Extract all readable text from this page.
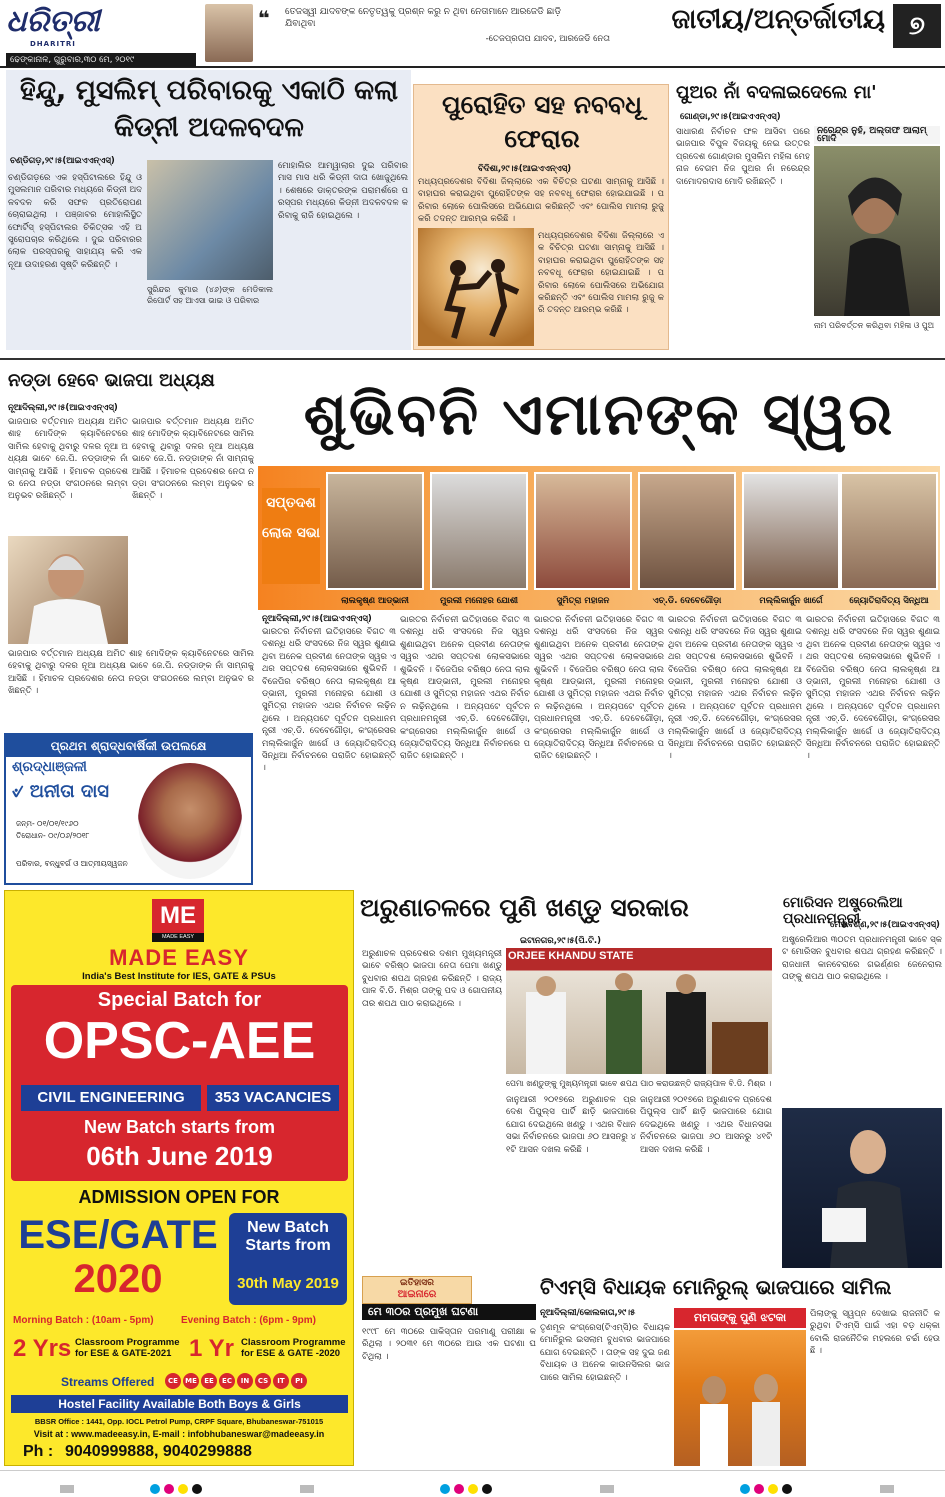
ଧରିତ୍ରୀ
DHARITRI
ଢେଙ୍କାନାଳ, ଗୁରୁବାର,୩୦ ମେ, ୨୦୧୯
❝ ତେଜସ୍ୱୀ ଯାଦବଙ୍କ ନେତୃତ୍ୱକୁ ପ୍ରଶ୍ନ କରୁ ନ ଥିବା ନେତାମାନେ ଆରଜେଡି ଛାଡ଼ି ଯିବାଥିବା
-ତେଜପ୍ରତାପ ଯାଦବ, ଆରଜେଡି ନେତା
ଜାତୀୟ/ଅନ୍ତର୍ଜାତୀୟ ୭
ହିନ୍ଦୁ, ମୁସଲିମ୍ ପରିବାରକୁ ଏକାଠି କଲା କିଡ୍ନୀ ଅଦଳବଦଳ
ଚଣ୍ଡିଗଡ଼,୨୯।୫(ଆଇଏଏନ୍‌ଏସ୍)
ଚଣ୍ଡିଗଡ଼ରେ ଏକ ହସ୍ପିଟାଲରେ ହିନ୍ଦୁ ଓ ମୁସଲମାନ ପରିବାର ମଧ୍ୟରେ କିଡ୍ନୀ ଅଦଳବଦଳ କରି ସଫଳ ପ୍ରତିରୋପଣ ଚୋରାଇଥିଲା । ପଞ୍ଜାବର ମୋହାଲିସ୍ଥିତ ଫୋର୍ଟିସ୍ ହସ୍ପିଟାଲର ଚିକିତ୍ସକ ଏହି ଅସ୍ତ୍ରୋପଚାର କରିଥିଲେ । ଦୁଇ ପରିବାରର ଲୋକ ପରସ୍ପରକୁ ସାହାଯ୍ୟ କରି ଏକ ନୂଆ ଉଦାହରଣ ସୃଷ୍ଟି କରିଛନ୍ତି ।
ସୁରିନ୍ଦର କୁମାର (୪୬)ଙ୍କ ମେଡିକାଲ ରିପୋର୍ଟ ସହ ଆଏସା ଭାଇ ଓ ପରିବାର
ମୋହାଲିର ଆମ୍ୱାଲାର ଦୁଇ ପରିବାର ମାସ ମାସ ଧରି କିଡ୍ନୀ ଦାତା ଖୋଜୁଥିଲେ । ଶେଷରେ ଡାକ୍ତରଙ୍କ ପରାମର୍ଶରେ ପରସ୍ପର ମଧ୍ୟରେ କିଡ୍ନୀ ଅଦଳବଦଳ କରିବାକୁ ରାଜି ହୋଇଥିଲେ ।
ପୁରୋହିତ ସହ ନବବଧୂ ଫେରାର
ବିଦିଶା,୨୯।୫(ଆଇଏଏନ୍‌ଏସ୍)
ମଧ୍ୟପ୍ରଦେଶର ବିଦିଶା ଜିଲ୍ଲାରେ ଏକ ବିଚିତ୍ର ଘଟଣା ସାମ୍ନାକୁ ଆସିଛି । ବାହାଘର କରାଇଥିବା ପୁରୋହିତଙ୍କ ସହ ନବବଧୂ ଫେରାର ହୋଇଯାଇଛି । ପରିବାର ଲୋକେ ପୋଲିସରେ ଅଭିଯୋଗ କରିଛନ୍ତି ଏବଂ ପୋଲିସ ମାମଲା ରୁଜୁ କରି ତଦନ୍ତ ଆରମ୍ଭ କରିଛି ।
ମଧ୍ୟପ୍ରଦେଶର ବିଦିଶା ଜିଲ୍ଲାରେ ଏକ ବିଚିତ୍ର ଘଟଣା ସାମ୍ନାକୁ ଆସିଛି । ବାହାଘର କରାଇଥିବା ପୁରୋହିତଙ୍କ ସହ ନବବଧୂ ଫେରାର ହୋଇଯାଇଛି । ପରିବାର ଲୋକେ ପୋଲିସରେ ଅଭିଯୋଗ କରିଛନ୍ତି ଏବଂ ପୋଲିସ ମାମଲା ରୁଜୁ କରି ତଦନ୍ତ ଆରମ୍ଭ କରିଛି ।
ପୁଅର ନାଁ ବଦଳାଇଦେଲେ ମା'
ଗୋଣ୍ଡା,୨୯।୫(ଆଇଏଏନ୍‌ଏସ୍)
ସାଧାରଣ ନିର୍ବାଚନ ଫଳ ଆସିବା ପରେ ଭାଜପାର ବିପୁଳ ବିଜୟକୁ ନେଇ ଉତ୍ତରପ୍ରଦେଶ ଗୋଣ୍ଡାର ମୁସଲିମ ମହିଳା ମେହନାଜ ବେଗମ ନିଜ ପୁଅର ନାଁ ନରେନ୍ଦ୍ର ଦାମୋଦରଦାସ ମୋଦି ରଖିଛନ୍ତି ।
ନରେନ୍ଦ୍ର ନୁହଁ, ଅଲ୍ତାଫ ଆଲାମ୍ ମୋଦି
ନାମ ପରିବର୍ତ୍ତନ କରିଥିବା ମହିଳା ଓ ପୁଅ
ନଡ୍ଡା ହେବେ ଭାଜପା ଅଧ୍ୟକ୍ଷ
ନୂଆଦିଲ୍ଲୀ,୨୯।୫(ଆଇଏଏନ୍‌ଏସ୍)
ଭାଜପାର ବର୍ତ୍ତମାନ ଅଧ୍ୟକ୍ଷ ଅମିତ ଶାହ ମୋଦିଙ୍କ କ୍ୟାବିନେଟରେ ସାମିଲ ହେବାକୁ ଥିବାରୁ ଦଳର ନୂଆ ଅଧ୍ୟକ୍ଷ ଭାବେ ଜେ.ପି. ନଡ୍ଡାଙ୍କ ନାଁ ସାମ୍ନାକୁ ଆସିଛି । ହିମାଚଳ ପ୍ରଦେଶର ନେତା ନଡ୍ଡା ସଂଗଠନରେ ଲମ୍ବା ଅନୁଭବ ରଖିଛନ୍ତି ।
ଭାଜପାର ବର୍ତ୍ତମାନ ଅଧ୍ୟକ୍ଷ ଅମିତ ଶାହ ମୋଦିଙ୍କ କ୍ୟାବିନେଟରେ ସାମିଲ ହେବାକୁ ଥିବାରୁ ଦଳର ନୂଆ ଅଧ୍ୟକ୍ଷ ଭାବେ ଜେ.ପି. ନଡ୍ଡାଙ୍କ ନାଁ ସାମ୍ନାକୁ ଆସିଛି । ହିମାଚଳ ପ୍ରଦେଶର ନେତା ନଡ୍ଡା ସଂଗଠନରେ ଲମ୍ବା ଅନୁଭବ ରଖିଛନ୍ତି ।
ଭାଜପାର ବର୍ତ୍ତମାନ ଅଧ୍ୟକ୍ଷ ଅମିତ ଶାହ ମୋଦିଙ୍କ କ୍ୟାବିନେଟରେ ସାମିଲ ହେବାକୁ ଥିବାରୁ ଦଳର ନୂଆ ଅଧ୍ୟକ୍ଷ ଭାବେ ଜେ.ପି. ନଡ୍ଡାଙ୍କ ନାଁ ସାମ୍ନାକୁ ଆସିଛି । ହିମାଚଳ ପ୍ରଦେଶର ନେତା ନଡ୍ଡା ସଂଗଠନରେ ଲମ୍ବା ଅନୁଭବ ରଖିଛନ୍ତି ।
ଶୁଭିବନି ଏମାନଙ୍କ ସ୍ୱର
ସପ୍ତଦଶ ଲୋକ ସଭା
ଲାଲକୃଷ୍ଣ ଆଡ୍‌ଭାନୀ	ମୁରଲୀ ମନୋହର ଯୋଶୀ	ସୁମିତ୍ରା ମହାଜନ	ଏଚ୍.ଡି. ଦେବେଗୌଡ଼ା	ମଲ୍ଲିକାର୍ଜୁନ ଖାର୍ଗେ	ଜ୍ୟୋତିରାଦିତ୍ୟ ସିନ୍ଧିଆ
ନୂଆଦିଲ୍ଲୀ,୨୯।୫(ଆଇଏଏନ୍‌ଏସ୍)
ଭାରତର ନିର୍ବାଚନୀ ଇତିହାସରେ ବିଗତ ୩ ଦଶନ୍ଧି ଧରି ସଂସଦରେ ନିଜ ସ୍ୱର ଶୁଣାଇଥିବା ଅନେକ ପ୍ରବୀଣ ନେତାଙ୍କ ସ୍ୱର ଏଥର ସପ୍ତଦଶ ଲୋକସଭାରେ ଶୁଭିବନି । ବିଜେପିର ବରିଷ୍ଠ ନେତା ଲାଲକୃଷ୍ଣ ଆଡ୍‌ଭାନୀ, ମୁରଲୀ ମନୋହର ଯୋଶୀ ଓ ସୁମିତ୍ରା ମହାଜନ ଏଥର ନିର୍ବାଚନ ଲଢ଼ିନଥିଲେ । ଅନ୍ୟପଟେ ପୂର୍ବତନ ପ୍ରଧାନମନ୍ତ୍ରୀ ଏଚ୍.ଡି. ଦେବେଗୌଡ଼ା, କଂଗ୍ରେସର ମଲ୍ଲିକାର୍ଜୁନ ଖାର୍ଗେ ଓ ଜ୍ୟୋତିରାଦିତ୍ୟ ସିନ୍ଧିଆ ନିର୍ବାଚନରେ ପରାଜିତ ହୋଇଛନ୍ତି ।
ଭାରତର ନିର୍ବାଚନୀ ଇତିହାସରେ ବିଗତ ୩ ଦଶନ୍ଧି ଧରି ସଂସଦରେ ନିଜ ସ୍ୱର ଶୁଣାଇଥିବା ଅନେକ ପ୍ରବୀଣ ନେତାଙ୍କ ସ୍ୱର ଏଥର ସପ୍ତଦଶ ଲୋକସଭାରେ ଶୁଭିବନି । ବିଜେପିର ବରିଷ୍ଠ ନେତା ଲାଲକୃଷ୍ଣ ଆଡ୍‌ଭାନୀ, ମୁରଲୀ ମନୋହର ଯୋଶୀ ଓ ସୁମିତ୍ରା ମହାଜନ ଏଥର ନିର୍ବାଚନ ଲଢ଼ିନଥିଲେ । ଅନ୍ୟପଟେ ପୂର୍ବତନ ପ୍ରଧାନମନ୍ତ୍ରୀ ଏଚ୍.ଡି. ଦେବେଗୌଡ଼ା, କଂଗ୍ରେସର ମଲ୍ଲିକାର୍ଜୁନ ଖାର୍ଗେ ଓ ଜ୍ୟୋତିରାଦିତ୍ୟ ସିନ୍ଧିଆ ନିର୍ବାଚନରେ ପରାଜିତ ହୋଇଛନ୍ତି ।
ଭାରତର ନିର୍ବାଚନୀ ଇତିହାସରେ ବିଗତ ୩ ଦଶନ୍ଧି ଧରି ସଂସଦରେ ନିଜ ସ୍ୱର ଶୁଣାଇଥିବା ଅନେକ ପ୍ରବୀଣ ନେତାଙ୍କ ସ୍ୱର ଏଥର ସପ୍ତଦଶ ଲୋକସଭାରେ ଶୁଭିବନି । ବିଜେପିର ବରିଷ୍ଠ ନେତା ଲାଲକୃଷ୍ଣ ଆଡ୍‌ଭାନୀ, ମୁରଲୀ ମନୋହର ଯୋଶୀ ଓ ସୁମିତ୍ରା ମହାଜନ ଏଥର ନିର୍ବାଚନ ଲଢ଼ିନଥିଲେ । ଅନ୍ୟପଟେ ପୂର୍ବତନ ପ୍ରଧାନମନ୍ତ୍ରୀ ଏଚ୍.ଡି. ଦେବେଗୌଡ଼ା, କଂଗ୍ରେସର ମଲ୍ଲିକାର୍ଜୁନ ଖାର୍ଗେ ଓ ଜ୍ୟୋତିରାଦିତ୍ୟ ସିନ୍ଧିଆ ନିର୍ବାଚନରେ ପରାଜିତ ହୋଇଛନ୍ତି ।
ଭାରତର ନିର୍ବାଚନୀ ଇତିହାସରେ ବିଗତ ୩ ଦଶନ୍ଧି ଧରି ସଂସଦରେ ନିଜ ସ୍ୱର ଶୁଣାଇଥିବା ଅନେକ ପ୍ରବୀଣ ନେତାଙ୍କ ସ୍ୱର ଏଥର ସପ୍ତଦଶ ଲୋକସଭାରେ ଶୁଭିବନି । ବିଜେପିର ବରିଷ୍ଠ ନେତା ଲାଲକୃଷ୍ଣ ଆଡ୍‌ଭାନୀ, ମୁରଲୀ ମନୋହର ଯୋଶୀ ଓ ସୁମିତ୍ରା ମହାଜନ ଏଥର ନିର୍ବାଚନ ଲଢ଼ିନଥିଲେ । ଅନ୍ୟପଟେ ପୂର୍ବତନ ପ୍ରଧାନମନ୍ତ୍ରୀ ଏଚ୍.ଡି. ଦେବେଗୌଡ଼ା, କଂଗ୍ରେସର ମଲ୍ଲିକାର୍ଜୁନ ଖାର୍ଗେ ଓ ଜ୍ୟୋତିରାଦିତ୍ୟ ସିନ୍ଧିଆ ନିର୍ବାଚନରେ ପରାଜିତ ହୋଇଛନ୍ତି ।
ଭାରତର ନିର୍ବାଚନୀ ଇତିହାସରେ ବିଗତ ୩ ଦଶନ୍ଧି ଧରି ସଂସଦରେ ନିଜ ସ୍ୱର ଶୁଣାଇଥିବା ଅନେକ ପ୍ରବୀଣ ନେତାଙ୍କ ସ୍ୱର ଏଥର ସପ୍ତଦଶ ଲୋକସଭାରେ ଶୁଭିବନି । ବିଜେପିର ବରିଷ୍ଠ ନେତା ଲାଲକୃଷ୍ଣ ଆଡ୍‌ଭାନୀ, ମୁରଲୀ ମନୋହର ଯୋଶୀ ଓ ସୁମିତ୍ରା ମହାଜନ ଏଥର ନିର୍ବାଚନ ଲଢ଼ିନଥିଲେ । ଅନ୍ୟପଟେ ପୂର୍ବତନ ପ୍ରଧାନମନ୍ତ୍ରୀ ଏଚ୍.ଡି. ଦେବେଗୌଡ଼ା, କଂଗ୍ରେସର ମଲ୍ଲିକାର୍ଜୁନ ଖାର୍ଗେ ଓ ଜ୍ୟୋତିରାଦିତ୍ୟ ସିନ୍ଧିଆ ନିର୍ବାଚନରେ ପରାଜିତ ହୋଇଛନ୍ତି ।
ପ୍ରଥମ ଶ୍ରାଦ୍ଧବାର୍ଷିକୀ ଉପଲକ୍ଷେ
ଶ୍ରଦ୍ଧାଞ୍ଜଳୀ
୰ ଅନୀତା ଦାସ
ଜନ୍ମ- ୦୧/୦୧/୧୯୬୦
ତିରୋଧାନ- ୦୯/୦୬/୨୦୧୮
ପରିବାର, ବନ୍ଧୁବର୍ଗ ଓ ଆତ୍ମୀୟସ୍ୱଜନ
ME
MADE EASY
MADE EASY
India's Best Institute for IES, GATE & PSUs
Special Batch for
OPSC-AEE
CIVIL ENGINEERING	353 VACANCIES
New Batch starts from
06th June 2019
ADMISSION OPEN FOR
ESE/GATE
2020
New Batch Starts from
30th May 2019
Morning Batch : (10am - 5pm)	Evening Batch : (6pm - 9pm)
2 Yrs Classroom Programme for ESE & GATE-2021 1 Yr Classroom Programme for ESE & GATE -2020
Streams Offered	CE	ME	EE	EC	IN	CS	IT	PI
Hostel Facility Available Both Boys & Girls
BBSR Office : 1441, Opp. IOCL Petrol Pump, CRPF Square, Bhubaneswar-751015
Visit at : www.madeeasy.in, E-mail : infobhubaneswar@madeeasy.in
Ph : 9040999888, 9040299888
ଅରୁଣାଚଳରେ ପୁଣି ଖଣ୍ଡୁ ସରକାର
ଇଟାନଗର,୨୯।୫(ପି.ଟି.)
ଅରୁଣାଚଳ ପ୍ରଦେଶର ଦଶମ ମୁଖ୍ୟମନ୍ତ୍ରୀ ଭାବେ ବରିଷ୍ଠ ଭାଜପା ନେତା ପେମା ଖଣ୍ଡୁ ବୁଧବାର ଶପଥ ଗ୍ରହଣ କରିଛନ୍ତି । ରାଜ୍ୟପାଳ ବି.ଡି. ମିଶ୍ର ତାଙ୍କୁ ପଦ ଓ ଗୋପନୀୟତାର ଶପଥ ପାଠ କରାଇଥିଲେ ।
ORJEE KHANDU STATE
ପେମା ଖଣ୍ଡୁଙ୍କୁ ମୁଖ୍ୟମନ୍ତ୍ରୀ ଭାବେ ଶପଥ ପାଠ କରାଉଛନ୍ତି ରାଜ୍ୟପାଳ ବି.ଡି. ମିଶ୍ର ।
ଜାନୁଆରୀ ୨୦୧୭ରେ ଅରୁଣାଚଳ ପ୍ରଦେଶ ପିପୁଲ୍ସ ପାର୍ଟି ଛାଡ଼ି ଭାଜପାରେ ଯୋଗ ଦେଇଥିଲେ ଖଣ୍ଡୁ । ଏଥର ବିଧାନସଭା ନିର୍ବାଚନରେ ଭାଜପା ୬୦ ଆସନରୁ ୪୧ଟି ଆସନ ଦଖଲ କରିଛି ।
ଜାନୁଆରୀ ୨୦୧୭ରେ ଅରୁଣାଚଳ ପ୍ରଦେଶ ପିପୁଲ୍ସ ପାର୍ଟି ଛାଡ଼ି ଭାଜପାରେ ଯୋଗ ଦେଇଥିଲେ ଖଣ୍ଡୁ । ଏଥର ବିଧାନସଭା ନିର୍ବାଚନରେ ଭାଜପା ୬୦ ଆସନରୁ ୪୧ଟି ଆସନ ଦଖଲ କରିଛି ।
ମୋରିସନ ଅଷ୍ଟ୍ରେଲିଆ ପ୍ରଧାନମନ୍ତ୍ରୀ
ମେଲବର୍ଣ୍ଣ,୨୯।୫(ଆଇଏଏନ୍‌ଏସ୍)
ଅଷ୍ଟ୍ରେଲିଆର ୩୦ତମ ପ୍ରଧାନମନ୍ତ୍ରୀ ଭାବେ ସ୍କଟ ମୋରିସନ ବୁଧବାର ଶପଥ ଗ୍ରହଣ କରିଛନ୍ତି । ରାଜଧାନୀ କାନବେରାରେ ଗଭର୍ଣ୍ଣର ଜେନେରାଲ ତାଙ୍କୁ ଶପଥ ପାଠ କରାଇଥିଲେ ।
ଇତିହାସର
ଆଇନାରେ
ମେ ୩୦ର ପ୍ରମୁଖ ଘଟଣା
୧୯୯୮ ମେ ୩୦ରେ ପାକିସ୍ତାନ ପରମାଣୁ ପରୀକ୍ଷା କରିଥିଲା । ୨୦୩୧ ମେ ୩୦ରେ ଆଉ ଏକ ଘଟଣା ଘଟିଥିଲା ।
ଟିଏମ୍‌ସି ବିଧାୟକ ମୋନିରୁଲ୍ ଭାଜପାରେ ସାମିଲ
ନୂଆଦିଲ୍ଲୀ/କୋଲକାତା,୨୯।୫
ତୃଣମୂଳ କଂଗ୍ରେସ(ଟିଏମ୍‌ସି)ର ବିଧାୟକ ମୋନିରୁଲ ଇସଲାମ ବୁଧବାର ଭାଜପାରେ ଯୋଗ ଦେଇଛନ୍ତି । ତାଙ୍କ ସହ ଦୁଇ ଜଣ ବିଧାୟକ ଓ ଅନେକ କାଉନସିଲର ଭାଜପାରେ ସାମିଲ ହୋଇଛନ୍ତି ।
ମମତାଙ୍କୁ ପୁଣି ଝଟକା	ପିଲାଙ୍କୁ ସ୍ୱପ୍ନ ଦେଖାଇ ରାଜନୀତି କରୁଥିବା ଟିଏମ୍‌ସି ପାଇଁ ଏହା ବଡ଼ ଧକ୍କା ବୋଲି ରାଜନୈତିକ ମହଲରେ ଚର୍ଚ୍ଚା ହେଉଛି ।
